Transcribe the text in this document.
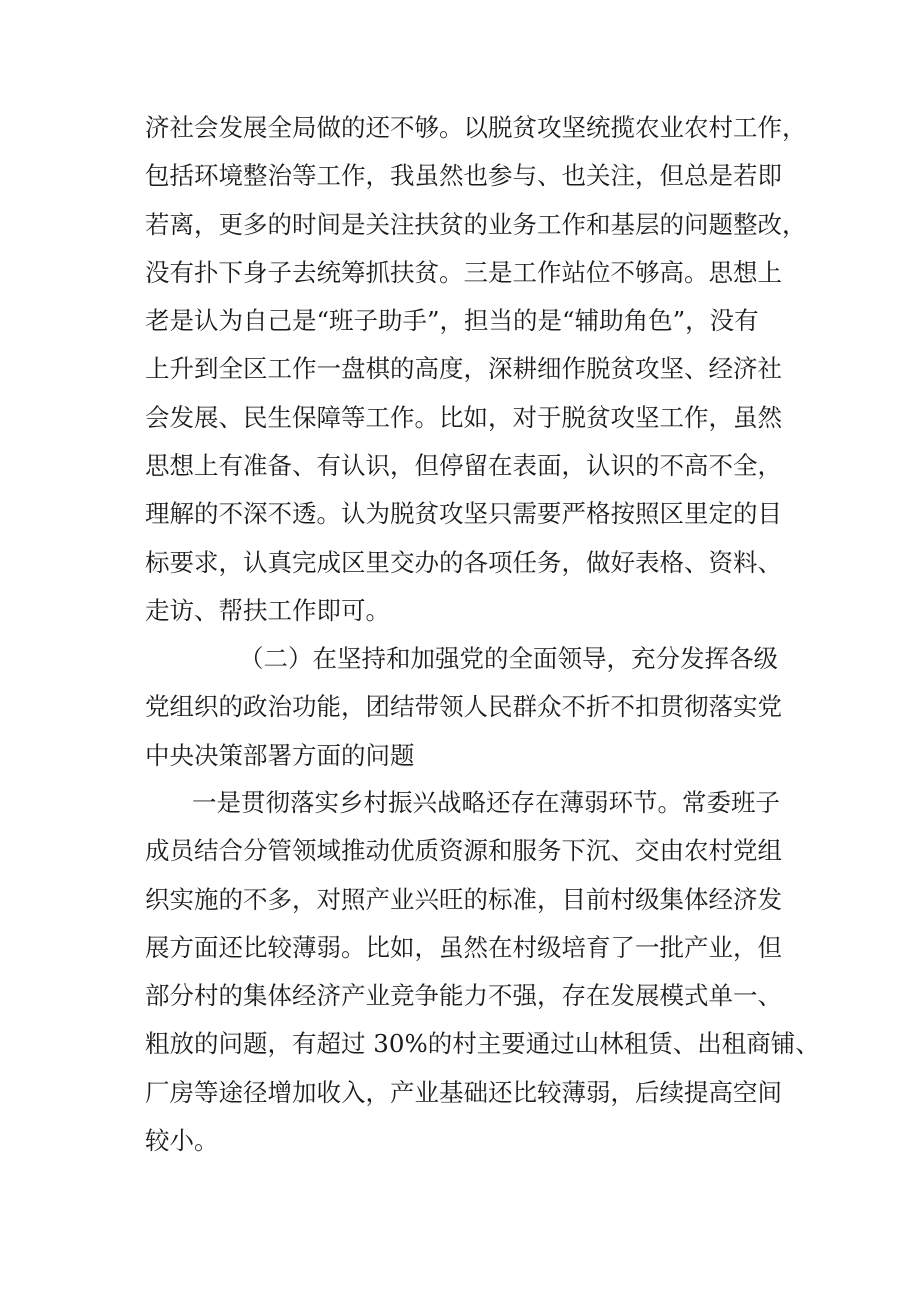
济社会发展全局做的还不够。以脱贫攻坚统揽农业农村工作，
包括环境整治等工作，我虽然也参与、也关注，但总是若即
若离，更多的时间是关注扶贫的业务工作和基层的问题整改，
没有扑下身子去统筹抓扶贫。三是工作站位不够高。思想上
老是认为自己是“班子助手”，担当的是“辅助角色”，没有
上升到全区工作一盘棋的高度，深耕细作脱贫攻坚、经济社
会发展、民生保障等工作。比如，对于脱贫攻坚工作，虽然
思想上有准备、有认识，但停留在表面，认识的不高不全，
理解的不深不透。认为脱贫攻坚只需要严格按照区里定的目
标要求，认真完成区里交办的各项任务，做好表格、资料、
走访、帮扶工作即可。
（二）在坚持和加强党的全面领导，充分发挥各级
党组织的政治功能，团结带领人民群众不折不扣贯彻落实党
中央决策部署方面的问题
一是贯彻落实乡村振兴战略还存在薄弱环节。常委班子
成员结合分管领域推动优质资源和服务下沉、交由农村党组
织实施的不多，对照产业兴旺的标准，目前村级集体经济发
展方面还比较薄弱。比如，虽然在村级培育了一批产业，但
部分村的集体经济产业竞争能力不强，存在发展模式单一、
粗放的问题，有超过 30%的村主要通过山林租赁、出租商铺、
厂房等途径增加收入，产业基础还比较薄弱，后续提高空间
较小。
